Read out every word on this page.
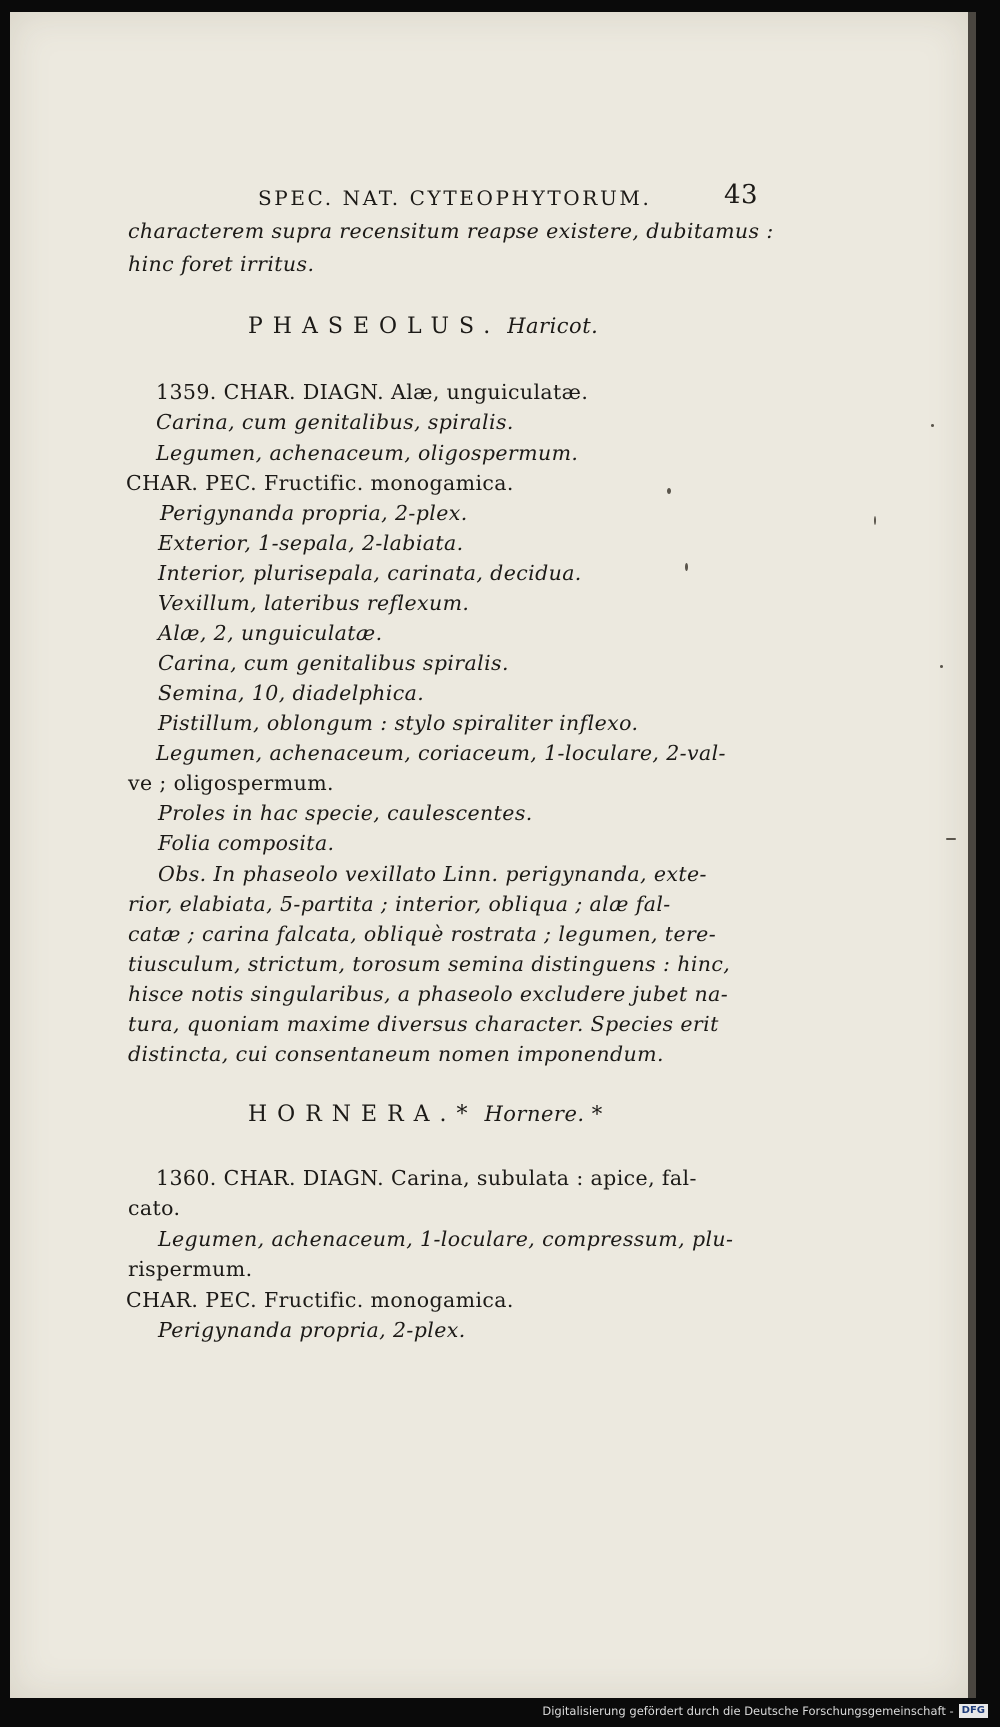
SPEC. NAT. CYTEOPHYTORUM.	43
characterem supra recensitum reapse existere, dubitamus :
hinc foret irritus.
PHASEOLUS. Haricot.
1359. CHAR. DIAGN. Alæ, unguiculatæ.
Carina, cum genitalibus, spiralis.
Legumen, achenaceum, oligospermum.
CHAR. PEC. Fructific. monogamica.
Perigynanda propria, 2-plex.
Exterior, 1-sepala, 2-labiata.
Interior, plurisepala, carinata, decidua.
Vexillum, lateribus reflexum.
Alæ, 2, unguiculatæ.
Carina, cum genitalibus spiralis.
Semina, 10, diadelphica.
Pistillum, oblongum : stylo spiraliter inflexo.
Legumen, achenaceum, coriaceum, 1-loculare, 2-val-
ve ; oligospermum.
Proles in hac specie, caulescentes.
Folia composita.
Obs. In phaseolo vexillato Linn. perigynanda, exte-
rior, elabiata, 5-partita ; interior, obliqua ; alæ fal-
catæ ; carina falcata, obliquè rostrata ; legumen, tere-
tiusculum, strictum, torosum semina distinguens : hinc,
hisce notis singularibus, a phaseolo excludere jubet na-
tura, quoniam maxime diversus character. Species erit
distincta, cui consentaneum nomen imponendum.
HORNERA.* Hornere. *
1360. CHAR. DIAGN. Carina, subulata : apice, fal-
cato.
Legumen, achenaceum, 1-loculare, compressum, plu-
rispermum.
CHAR. PEC. Fructific. monogamica.
Perigynanda propria, 2-plex.
Digitalisierung gefördert durch die Deutsche Forschungsgemeinschaft - DFG
